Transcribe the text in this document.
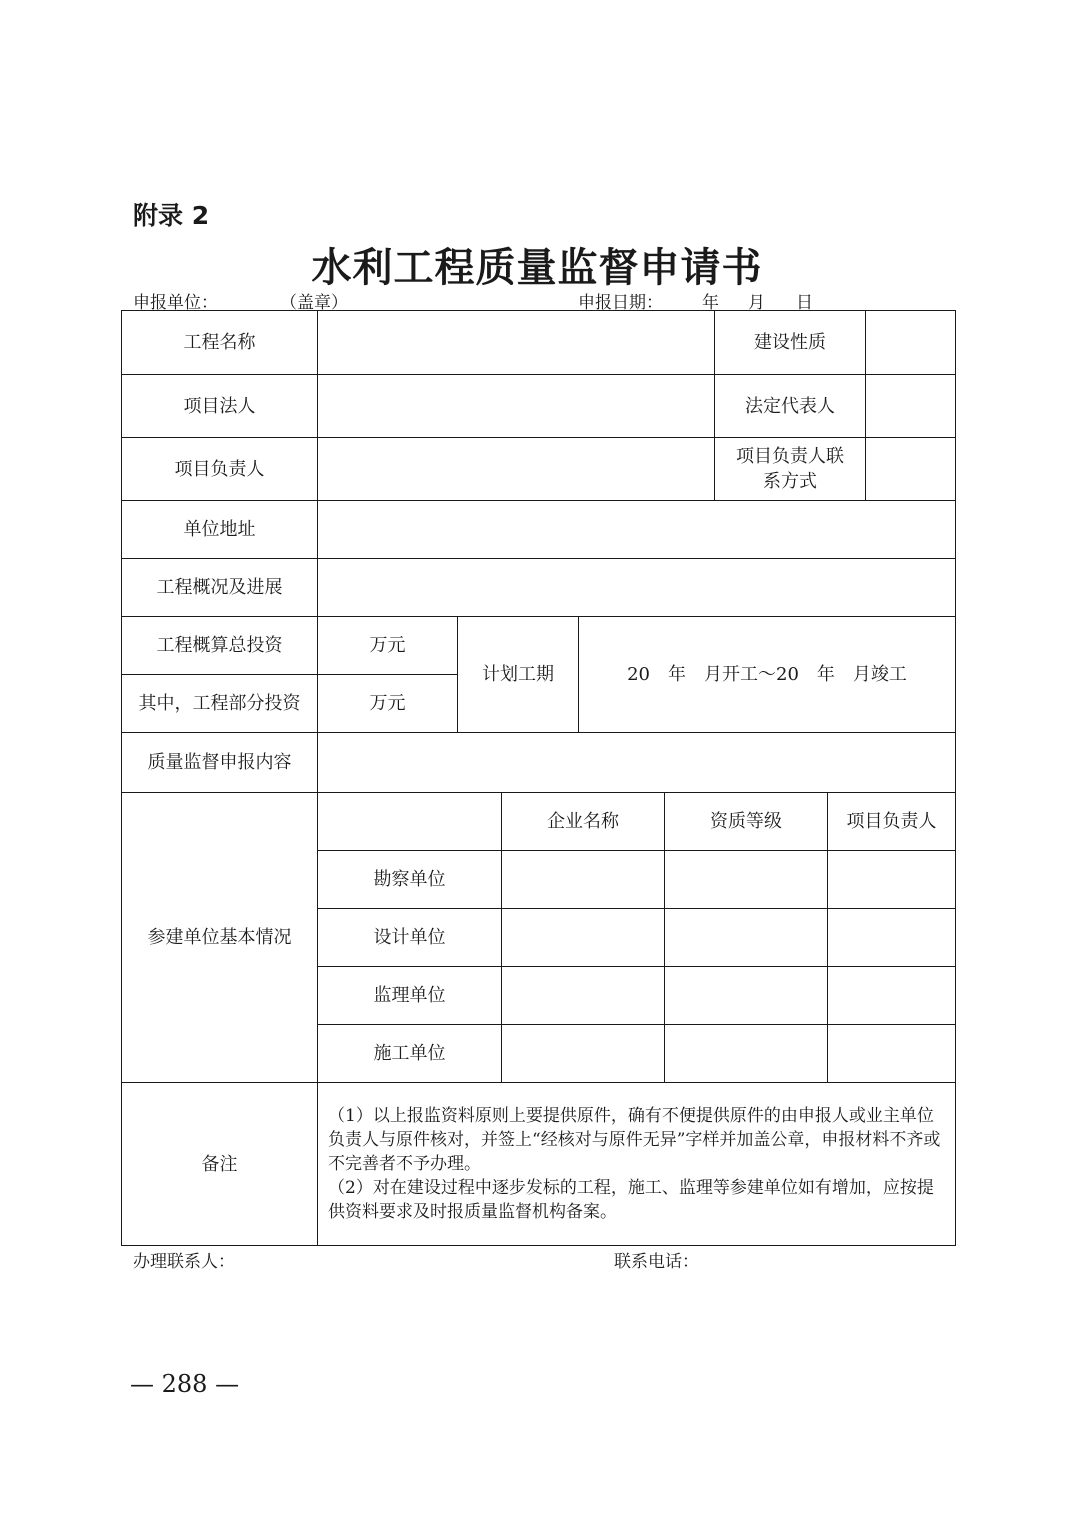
附录 2
水利工程质量监督申请书
申报单位：	（盖章）	申报日期： 年 月 日
工程名称						建设性质		
项目法人						法定代表人		
项目负责人						项目负责人联系方式		
单位地址								
工程概况及进展								
工程概算总投资	万元	计划工期		20　年　月开工～20　年　月竣工				
其中，工程部分投资	万元							
质量监督申报内容								
参建单位基本情况			企业名称		资质等级		项目负责人	
	勘察单位							
	设计单位							
	监理单位							
	施工单位							
备注	（1）以上报监资料原则上要提供原件，确有不便提供原件的由申报人或业主单位负责人与原件核对，并签上“经核对与原件无异”字样并加盖公章，申报材料不齐或不完善者不予办理。
（2）对在建设过程中逐步发标的工程，施工、监理等参建单位如有增加，应按提供资料要求及时报质量监督机构备案。							
办理联系人：	联系电话：
— 288 —
